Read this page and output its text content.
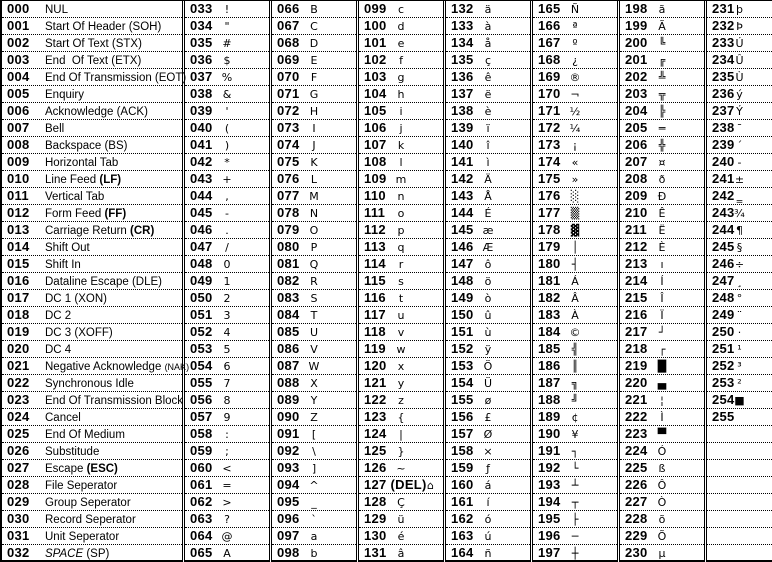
000 NUL
001 Start Of Header (SOH)
002 Start Of Text (STX)
003 End  Of Text (ETX)
004 End Of Transmission (EOT)
005 Enquiry
006 Acknowledge (ACK)
007 Bell
008 Backspace (BS)
009 Horizontal Tab
010 Line Feed (LF)
011 Vertical Tab
012 Form Feed (FF)
013 Carriage Return (CR)
014 Shift Out
015 Shift In
016 Dataline Escape (DLE)
017 DC 1 (XON)
018 DC 2
019 DC 3 (XOFF)
020 DC 4
021 Negative Acknowledge (NAK)
022 Synchronous Idle
023 End Of Transmission Block
024 Cancel
025 End Of Medium
026 Substitude
027 Escape (ESC)
028 File Seperator
029 Group Seperator
030 Record Seperator
031 Unit Seperator
032 SPACE (SP)
033	!
034	"
035 #
036 $
037 %
038 &
039	'
040	(
041	)
042	*
043 +
044	,
045	-
046	.
047	/
048 0
049 1
050 2
051 3
052 4
053 5
054 6
055 7
056 8
057 9
058	:
059	;
060 <
061 =
062 >
063	?
064 @
065 A
066 B
067 C
068 D
069 E
070	F
071 G
072 H
073	I
074	J
075 K
076	L
077 M
078 N
079 O
080	P
081 Q
082 R
083 S
084	T
085 U
086 V
087 W
088 X
089	Y
090 Z
091	[
092	\
093	]
094 ^
095	_
096	`
097	a
098 b
099	c
100 d
101	e
102	f
103 g
104 h
105	i
106	j
107	k
108	l
109 m
110	n
111	o
112	p
113	q
114	r
115	s
116	t
117	u
118	v
119 w
120	x
121	y
122	z
123 {
124	|
125 }
126 ~
127 (DEL) ⌂
128 Ç
129 ü
130	é
131	â
132	ä
133	à
134	å
135	ç
136	ê
137	ë
138	è
139	ï
140	î
141	ì
142 Ä
143 Å
144 É
145 æ
146 Æ
147	ô
148	ö
149	ò
150 û
151 ù
152	ÿ
153 Ö
154 Ü
155	ø
156 £
157 Ø
158 ×
159	ƒ
160	á
161	í
162	ó
163 ú
164 ñ
165 Ñ
166	ª
167	º
168	¿
169 ®
170 ¬
171 ½
172 ¼
173	¡
174	«
175	»
176 ░
177 ▒
178 ▓
179	│
180	┤
181 Á
182 Â
183 À
184 ©
185	╣
186	║
187	╗
188	╝
189 ¢
190 ¥
191	┐
192	└
193	┴
194	┬
195	├
196	─
197	┼
198	ã
199 Ã
200	╚
201	╔
202	╩
203	╦
204	╠
205	═
206	╬
207 ¤
208	ð
209 Ð
210 Ê
211	Ë
212 È
213	ı
214	Í
215	Î
216	Ï
217	┘
218	┌
219 █
220 ▄
221	¦
222	Ì
223 ▀
224 Ó
225 ß
226 Ô
227 Ò
228	õ
229 Õ
230 µ
231 þ
232 Þ
233 Ú
234 Û
235 Ù
236 ý
237 Ý
238 ¯
239 ´
240 -
241 ±
242 ‗
243 ¾
244 ¶
245 §
246 ÷
247 ¸
248 °
249 ¨
250 ·
251 ¹
252 ³
253 ²
254 ■
255
